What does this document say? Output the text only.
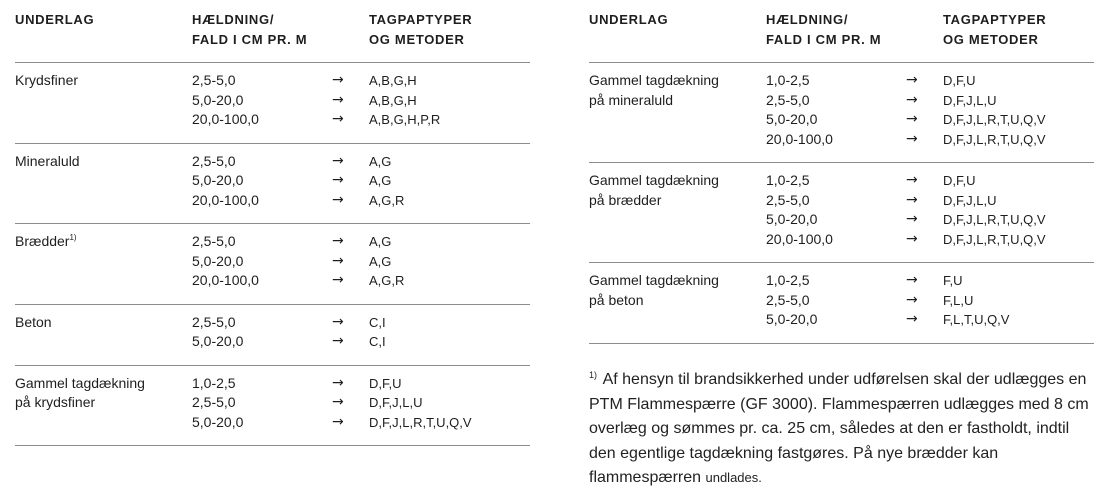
UNDERLAG	HÆLDNING/
FALD I CM PR. M
TAGPAPTYPER
OG METODER
Krydsfiner	2,5-5,0	→ A,B,G,H
5,0-20,0	→ A,B,G,H
20,0-100,0	→ A,B,G,H,P,R
Mineraluld	2,5-5,0	→ A,G
5,0-20,0	→ A,G
20,0-100,0	→ A,G,R
Brædder$^{1)}$	2,5-5,0	→ A,G
5,0-20,0	→ A,G
20,0-100,0	→ A,G,R
Beton	2,5-5,0	→ C,I
5,0-20,0	→ C,I
Gammel tagdækning
på krydsfiner
1,0-2,5	→ D,F,U
2,5-5,0	→ D,F,J,L,U
5,0-20,0	→ D,F,J,L,R,T,U,Q,V
UNDERLAG	HÆLDNING/
FALD I CM PR. M
TAGPAPTYPER
OG METODER
Gammel tagdækning
på mineraluld
1,0-2,5	→ D,F,U
2,5-5,0	→ D,F,J,L,U
5,0-20,0	→ D,F,J,L,R,T,U,Q,V
20,0-100,0	→ D,F,J,L,R,T,U,Q,V
Gammel tagdækning
på brædder
1,0-2,5	→ D,F,U
2,5-5,0	→ D,F,J,L,U
5,0-20,0	→ D,F,J,L,R,T,U,Q,V
20,0-100,0	→ D,F,J,L,R,T,U,Q,V
Gammel tagdækning
på beton
1,0-2,5	→ F,U
2,5-5,0	→ F,L,U
5,0-20,0	→ F,L,T,U,Q,V
$^{1)}$ Af hensyn til brandsikkerhed under udførelsen skal der udlægges en PTM Flammespærre (GF 3000). Flammespærren udlægges med 8 cm overlæg og sømmes pr. ca. 25 cm, således at den er fastholdt, indtil den egentlige tagdækning fastgøres. På nye brædder kan flammespærren undlades.
